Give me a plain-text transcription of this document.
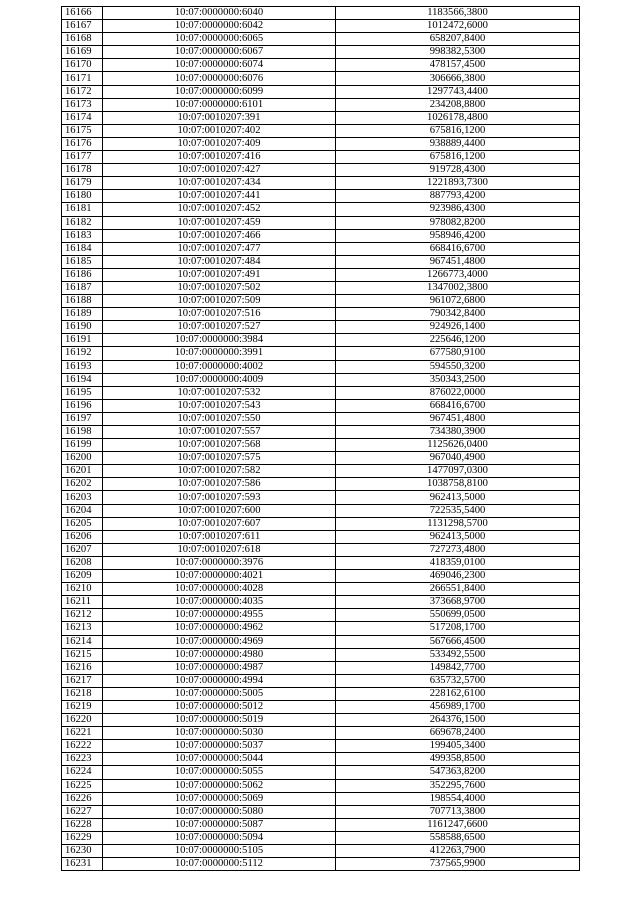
16166	10:07:0000000:6040	1183566,3800
16167	10:07:0000000:6042	1012472,6000
16168	10:07:0000000:6065	658207,8400
16169	10:07:0000000:6067	998382,5300
16170	10:07:0000000:6074	478157,4500
16171	10:07:0000000:6076	306666,3800
16172	10:07:0000000:6099	1297743,4400
16173	10:07:0000000:6101	234208,8800
16174	10:07:0010207:391	1026178,4800
16175	10:07:0010207:402	675816,1200
16176	10:07:0010207:409	938889,4400
16177	10:07:0010207:416	675816,1200
16178	10:07:0010207:427	919728,4300
16179	10:07:0010207:434	1221893,7300
16180	10:07:0010207:441	887793,4200
16181	10:07:0010207:452	923986,4300
16182	10:07:0010207:459	978082,8200
16183	10:07:0010207:466	958946,4200
16184	10:07:0010207:477	668416,6700
16185	10:07:0010207:484	967451,4800
16186	10:07:0010207:491	1266773,4000
16187	10:07:0010207:502	1347002,3800
16188	10:07:0010207:509	961072,6800
16189	10:07:0010207:516	790342,8400
16190	10:07:0010207:527	924926,1400
16191	10:07:0000000:3984	225646,1200
16192	10:07:0000000:3991	677580,9100
16193	10:07:0000000:4002	594550,3200
16194	10:07:0000000:4009	350343,2500
16195	10:07:0010207:532	876022,0000
16196	10:07:0010207:543	668416,6700
16197	10:07:0010207:550	967451,4800
16198	10:07:0010207:557	734380,3900
16199	10:07:0010207:568	1125626,0400
16200	10:07:0010207:575	967040,4900
16201	10:07:0010207:582	1477097,0300
16202	10:07:0010207:586	1038758,8100
16203	10:07:0010207:593	962413,5000
16204	10:07:0010207:600	722535,5400
16205	10:07:0010207:607	1131298,5700
16206	10:07:0010207:611	962413,5000
16207	10:07:0010207:618	727273,4800
16208	10:07:0000000:3976	418359,0100
16209	10:07:0000000:4021	469046,2300
16210	10:07:0000000:4028	266551,8400
16211	10:07:0000000:4035	373668,9700
16212	10:07:0000000:4955	550699,0500
16213	10:07:0000000:4962	517208,1700
16214	10:07:0000000:4969	567666,4500
16215	10:07:0000000:4980	533492,5500
16216	10:07:0000000:4987	149842,7700
16217	10:07:0000000:4994	635732,5700
16218	10:07:0000000:5005	228162,6100
16219	10:07:0000000:5012	456989,1700
16220	10:07:0000000:5019	264376,1500
16221	10:07:0000000:5030	669678,2400
16222	10:07:0000000:5037	199405,3400
16223	10:07:0000000:5044	499358,8500
16224	10:07:0000000:5055	547363,8200
16225	10:07:0000000:5062	352295,7600
16226	10:07:0000000:5069	198554,4000
16227	10:07:0000000:5080	707713,3800
16228	10:07:0000000:5087	1161247,6600
16229	10:07:0000000:5094	558588,6500
16230	10:07:0000000:5105	412263,7900
16231	10:07:0000000:5112	737565,9900
